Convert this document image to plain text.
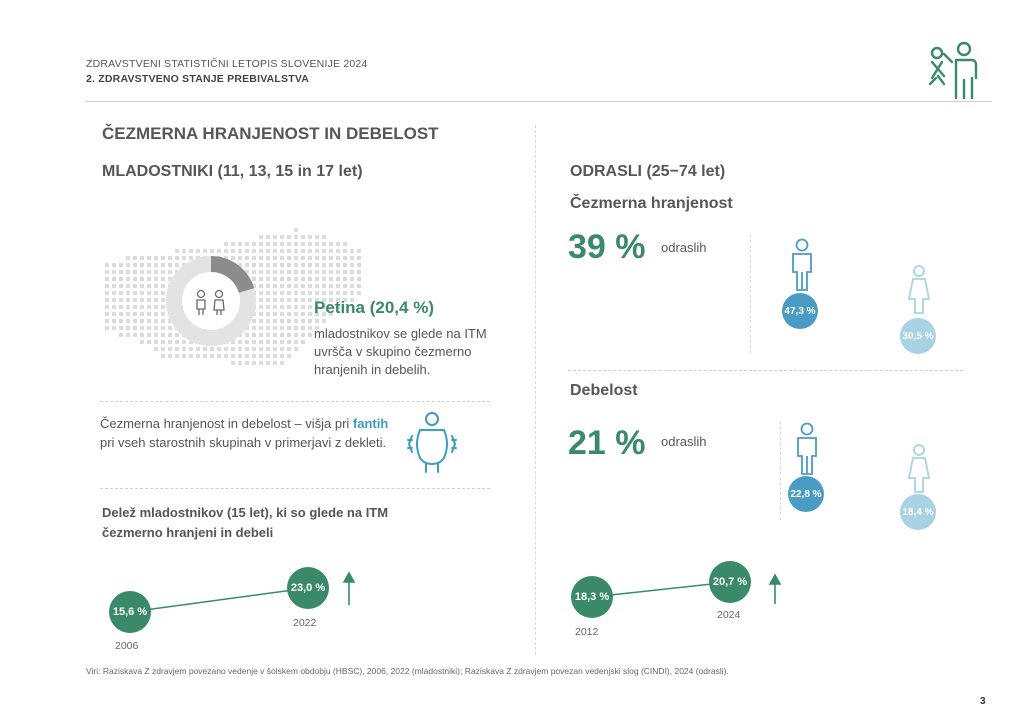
ZDRAVSTVENI STATISTIČNI LETOPIS SLOVENIJE 2024
2. ZDRAVSTVENO STANJE PREBIVALSTVA
ČEZMERNA HRANJENOST IN DEBELOST
MLADOSTNIKI (11, 13, 15 in 17 let)	ODRASLI (25−74 let)
Petina (20,4 %)
mladostnikov se glede na ITM uvršča v skupino čezmerno hranjenih in debelih.
Čezmerna hranjenost in debelost – višja pri fantih pri vseh starostnih skupinah v primerjavi z dekleti.
Delež mladostnikov (15 let), ki so glede na ITM čezmerno hranjeni in debeli
15,6 %
23,0 %
2006
2022
Čezmerna hranjenost
39 % odraslih
47,3 %
30,5 %
Debelost
21 % odraslih
22,8 %
18,4 %
18,3 %
20,7 %
2012
2024
Viri: Raziskava Z zdravjem povezano vedenje v šolskem obdobju (HBSC), 2006, 2022 (mladostniki); Raziskava Z zdravjem povezan vedenjski slog (CINDI), 2024 (odrasli).
3
